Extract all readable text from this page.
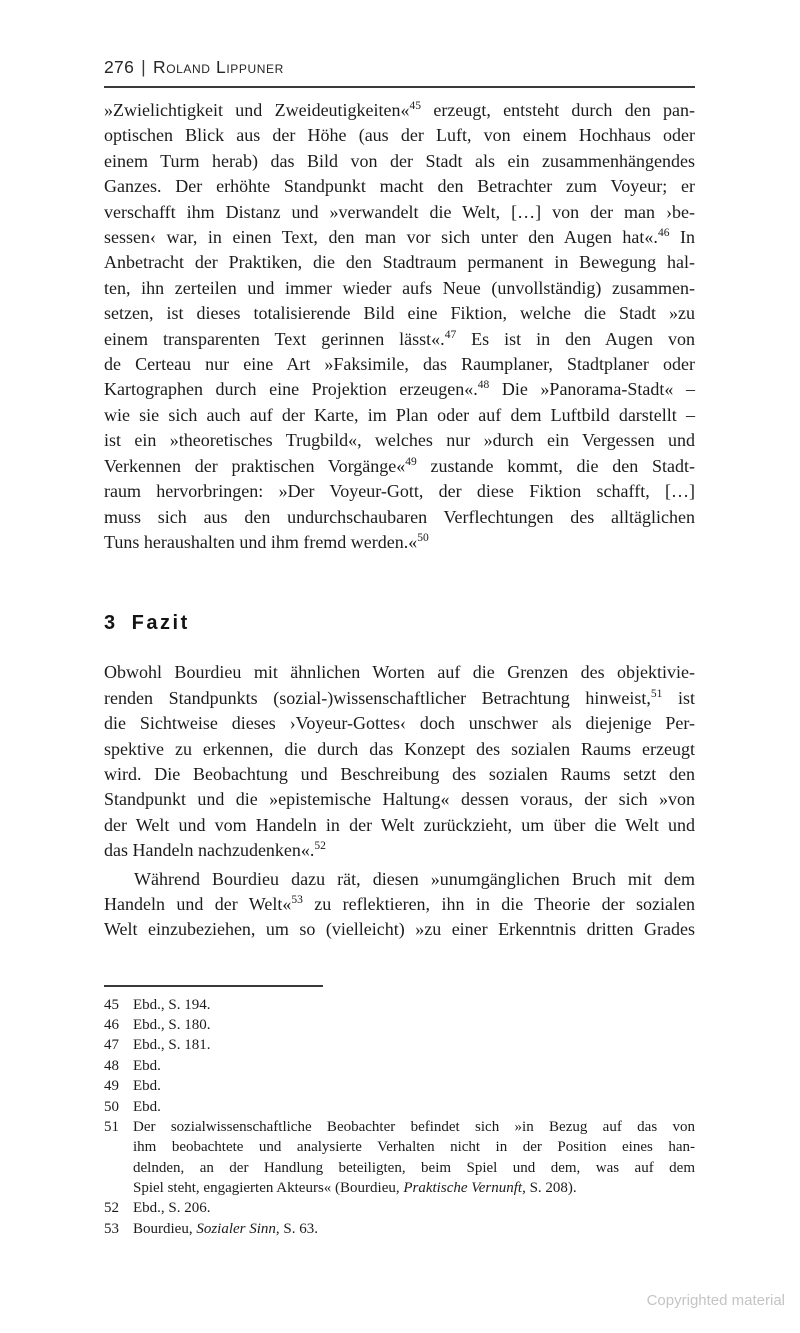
276 | Roland Lippuner
»Zwielichtigkeit und Zweideutigkeiten«$^{45}$ erzeugt, entsteht durch den pan-
optischen Blick aus der Höhe (aus der Luft, von einem Hochhaus oder
einem Turm herab) das Bild von der Stadt als ein zusammenhängendes
Ganzes. Der erhöhte Standpunkt macht den Betrachter zum Voyeur; er
verschafft ihm Distanz und »verwandelt die Welt, […] von der man ›be-
sessen‹ war, in einen Text, den man vor sich unter den Augen hat«.$^{46}$ In
Anbetracht der Praktiken, die den Stadtraum permanent in Bewegung hal-
ten, ihn zerteilen und immer wieder aufs Neue (unvollständig) zusammen-
setzen, ist dieses totalisierende Bild eine Fiktion, welche die Stadt »zu
einem transparenten Text gerinnen lässt«.$^{47}$ Es ist in den Augen von
de Certeau nur eine Art »Faksimile, das Raumplaner, Stadtplaner oder
Kartographen durch eine Projektion erzeugen«.$^{48}$ Die »Panorama-Stadt« –
wie sie sich auch auf der Karte, im Plan oder auf dem Luftbild darstellt –
ist ein »theoretisches Trugbild«, welches nur »durch ein Vergessen und
Verkennen der praktischen Vorgänge«$^{49}$ zustande kommt, die den Stadt-
raum hervorbringen: »Der Voyeur-Gott, der diese Fiktion schafft, […]
muss sich aus den undurchschaubaren Verflechtungen des alltäglichen
Tuns heraushalten und ihm fremd werden.«$^{50}$
3 Fazit
Obwohl Bourdieu mit ähnlichen Worten auf die Grenzen des objektivie-
renden Standpunkts (sozial-)wissenschaftlicher Betrachtung hinweist,$^{51}$ ist
die Sichtweise dieses ›Voyeur-Gottes‹ doch unschwer als diejenige Per-
spektive zu erkennen, die durch das Konzept des sozialen Raums erzeugt
wird. Die Beobachtung und Beschreibung des sozialen Raums setzt den
Standpunkt und die »epistemische Haltung« dessen voraus, der sich »von
der Welt und vom Handeln in der Welt zurückzieht, um über die Welt und
das Handeln nachzudenken«.$^{52}$
Während Bourdieu dazu rät, diesen »unumgänglichen Bruch mit dem
Handeln und der Welt«$^{53}$ zu reflektieren, ihn in die Theorie der sozialen
Welt einzubeziehen, um so (vielleicht) »zu einer Erkenntnis dritten Grades
45 Ebd., S. 194.
46 Ebd., S. 180.
47 Ebd., S. 181.
48 Ebd.
49 Ebd.
50 Ebd.
51 Der sozialwissenschaftliche Beobachter befindet sich »in Bezug auf das von
ihm beobachtete und analysierte Verhalten nicht in der Position eines han-
delnden, an der Handlung beteiligten, beim Spiel und dem, was auf dem
Spiel steht, engagierten Akteurs« (Bourdieu, Praktische Vernunft, S. 208).
52 Ebd., S. 206.
53 Bourdieu, Sozialer Sinn, S. 63.
Copyrighted material
